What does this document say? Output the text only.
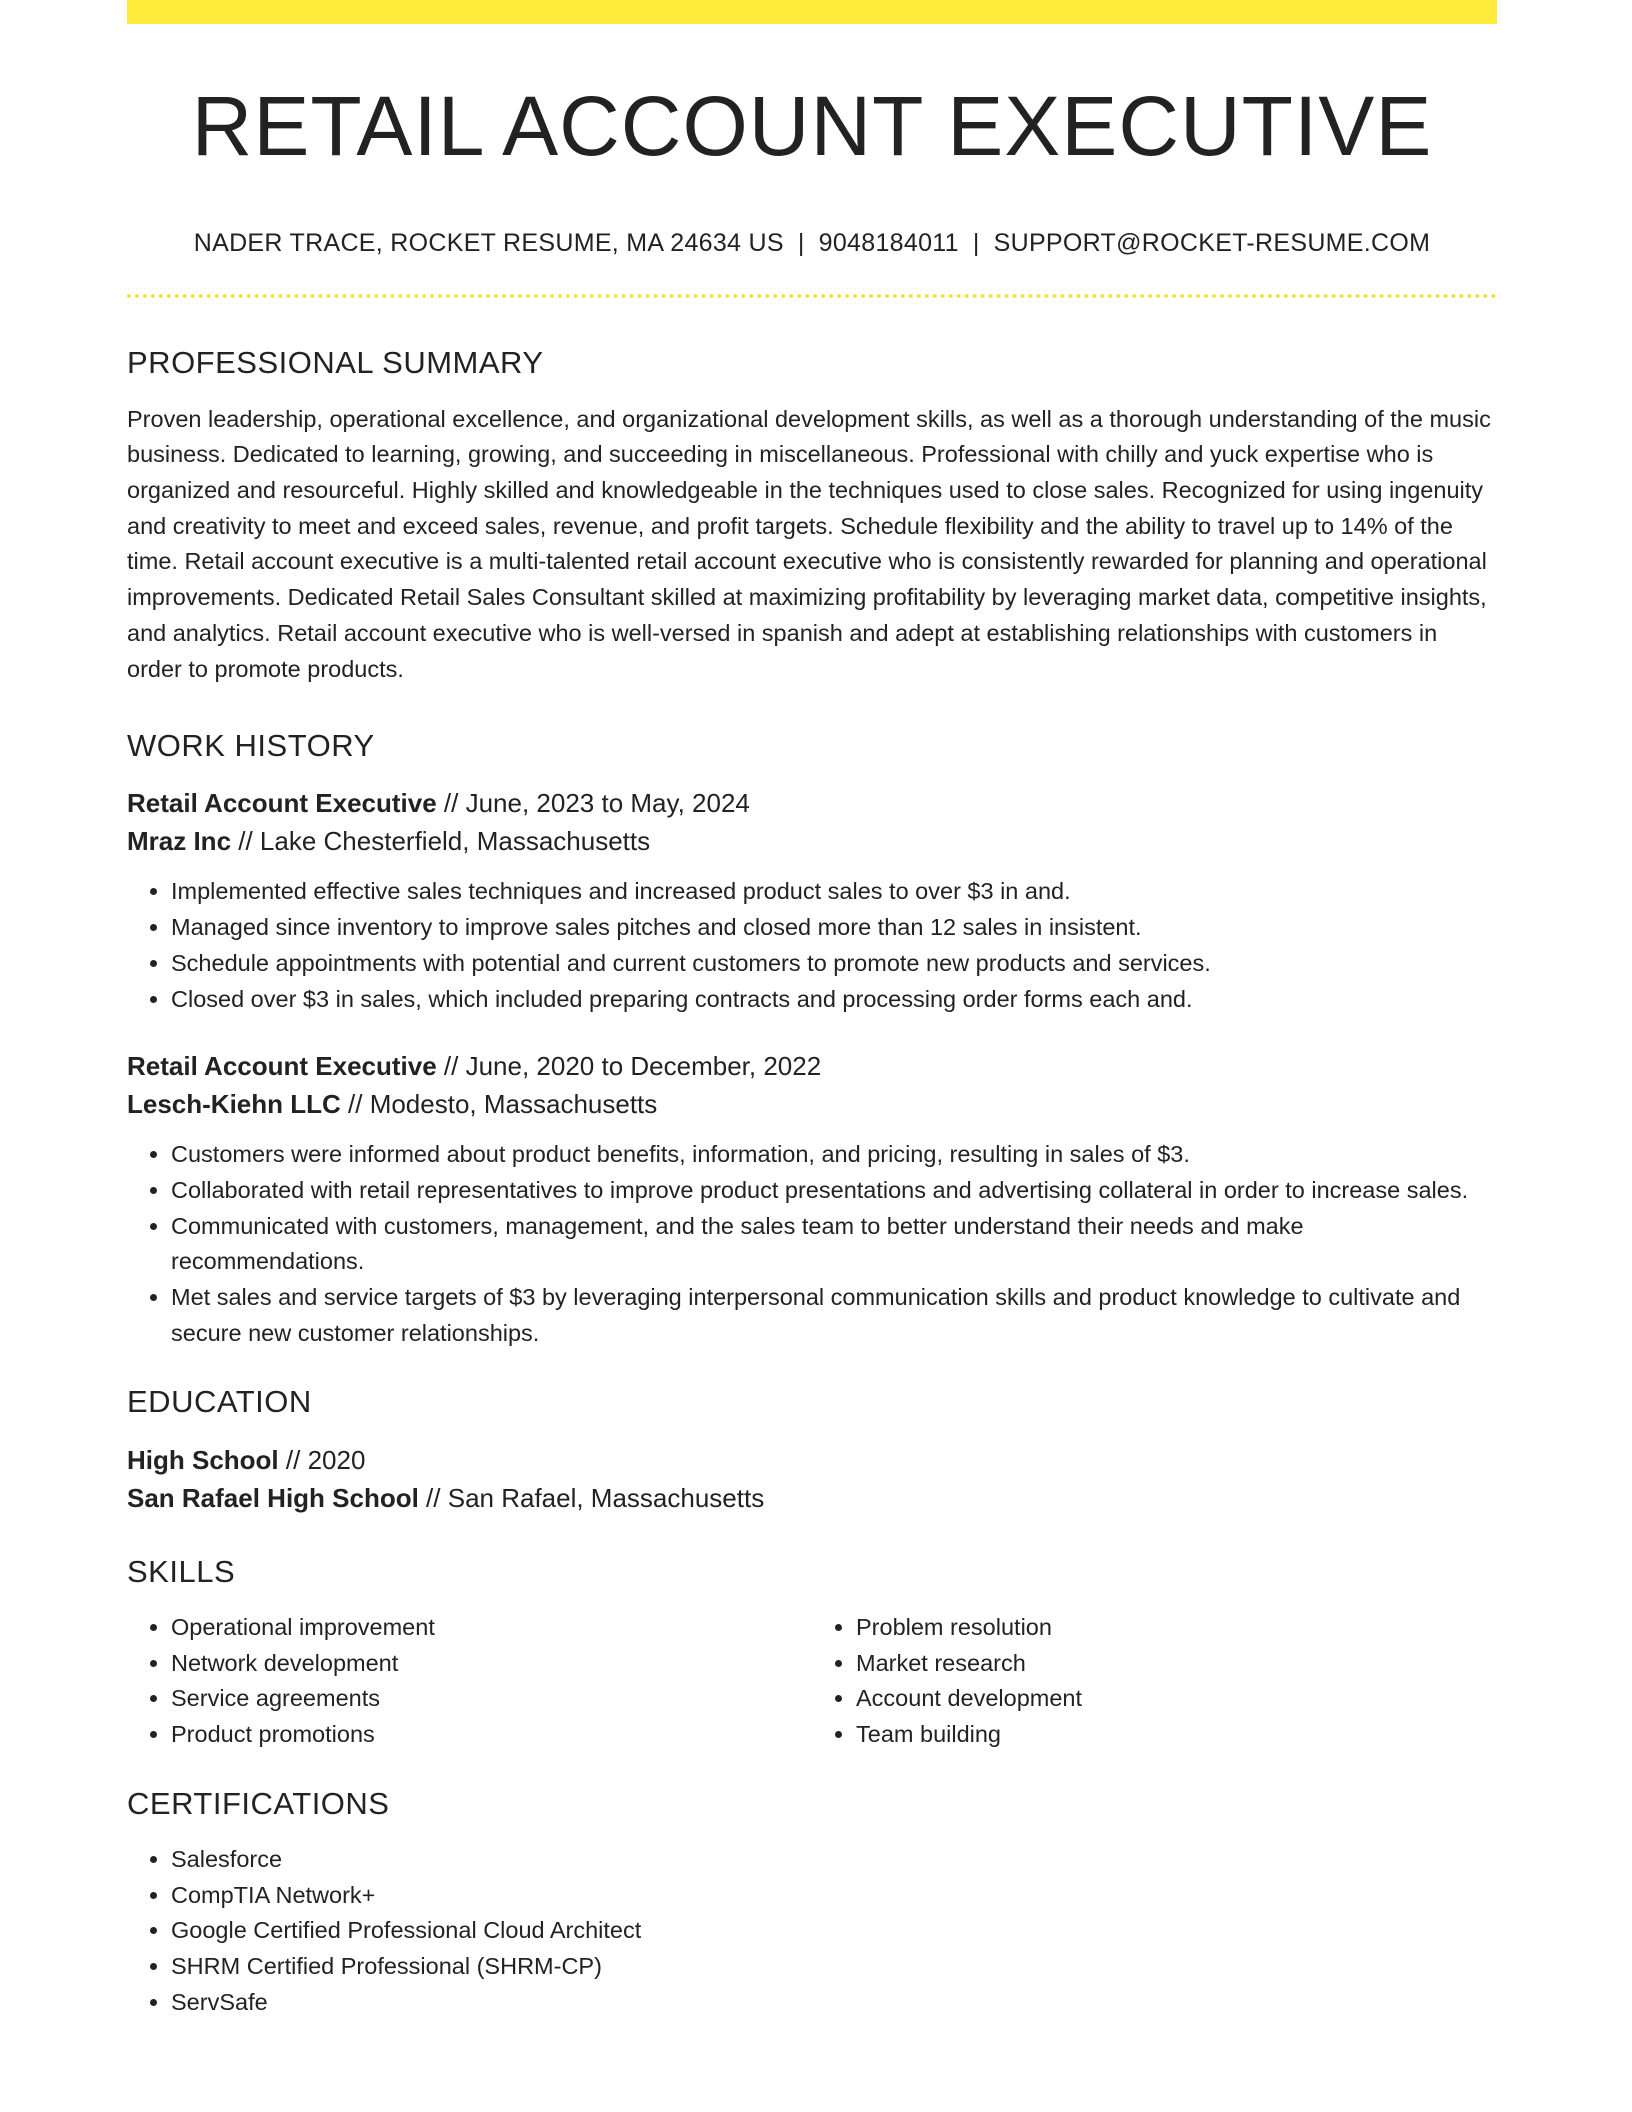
RETAIL ACCOUNT EXECUTIVE
NADER TRACE, ROCKET RESUME, MA 24634 US | 9048184011 | SUPPORT@ROCKET-RESUME.COM
PROFESSIONAL SUMMARY

Proven leadership, operational excellence, and organizational development skills, as well as a thorough understanding of the music business. Dedicated to learning, growing, and succeeding in miscellaneous. Professional with chilly and yuck expertise who is organized and resourceful. Highly skilled and knowledgeable in the techniques used to close sales. Recognized for using ingenuity and creativity to meet and exceed sales, revenue, and profit targets. Schedule flexibility and the ability to travel up to 14% of the time. Retail account executive is a multi-talented retail account executive who is consistently rewarded for planning and operational improvements. Dedicated Retail Sales Consultant skilled at maximizing profitability by leveraging market data, competitive insights, and analytics. Retail account executive who is well-versed in spanish and adept at establishing relationships with customers in order to promote products.

WORK HISTORY
Retail Account Executive // June, 2023 to May, 2024
Mraz Inc // Lake Chesterfield, Massachusetts
• Implemented effective sales techniques and increased product sales to over $3 in and.
• Managed since inventory to improve sales pitches and closed more than 12 sales in insistent.
• Schedule appointments with potential and current customers to promote new products and services.
• Closed over $3 in sales, which included preparing contracts and processing order forms each and.
Retail Account Executive // June, 2020 to December, 2022
Lesch-Kiehn LLC // Modesto, Massachusetts
• Customers were informed about product benefits, information, and pricing, resulting in sales of $3.
• Collaborated with retail representatives to improve product presentations and advertising collateral in order to increase sales.
• Communicated with customers, management, and the sales team to better understand their needs and make recommendations.
• Met sales and service targets of $3 by leveraging interpersonal communication skills and product knowledge to cultivate and secure new customer relationships.
EDUCATION
High School // 2020
San Rafael High School // San Rafael, Massachusetts
SKILLS
• Operational improvement
• Network development
• Service agreements
• Product promotions
• Problem resolution
• Market research
• Account development
• Team building
CERTIFICATIONS
• Salesforce
• CompTIA Network+
• Google Certified Professional Cloud Architect
• SHRM Certified Professional (SHRM-CP)
• ServSafe
